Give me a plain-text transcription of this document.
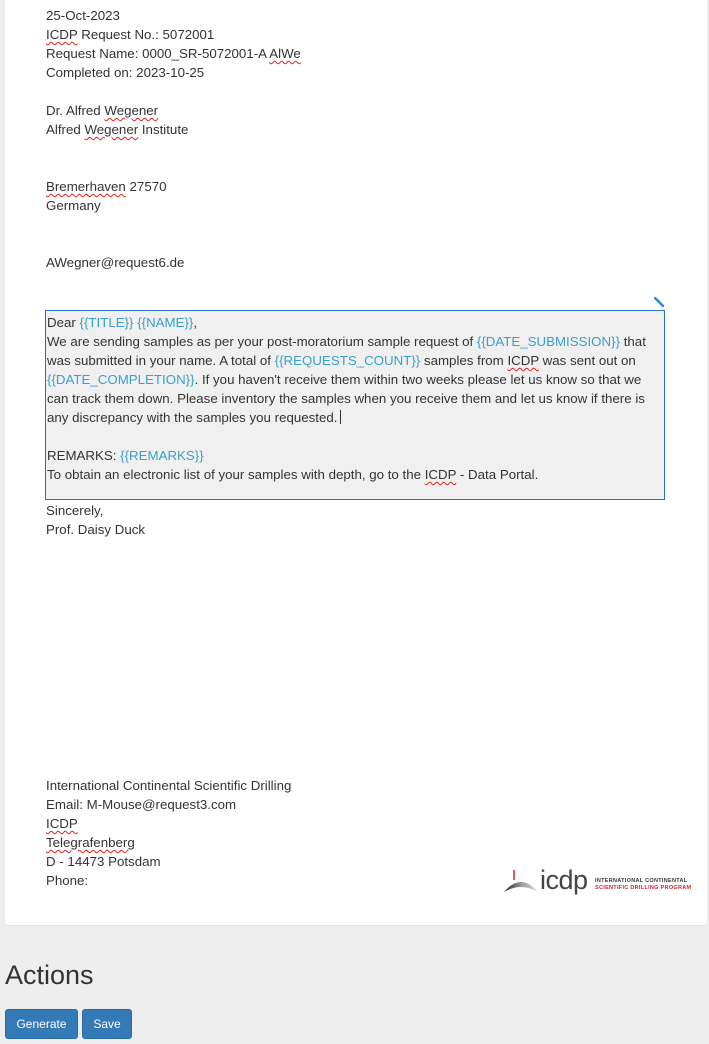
25-Oct-2023
ICDP Request No.: 5072001
Request Name: 0000_SR-5072001-A AlWe
Completed on: 2023-10-25
Dr. Alfred Wegener
Alfred Wegener Institute
Bremerhaven 27570
Germany
AWegner@request6.de

Dear {{TITLE}} {{NAME}},

We are sending samples as per your post-moratorium sample request of {{DATE_SUBMISSION}} that was submitted in your name. A total of {{REQUESTS_COUNT}} samples from ICDP was sent out on {{DATE_COMPLETION}}. If you haven't receive them within two weeks please let us know so that we can track them down. Please inventory the samples when you receive them and let us know if there is any discrepancy with the samples you requested.

REMARKS: {{REMARKS}}

To obtain an electronic list of your samples with depth, go to the ICDP - Data Portal.

Sincerely,
Prof. Daisy Duck
International Continental Scientific Drilling
Email: M-Mouse@request3.com
ICDP
Telegrafenberg
D - 14473 Potsdam
Phone:	icdp INTERNATIONAL CONTINENTAL
SCIENTIFIC DRILLING PROGRAM
Actions
Generate	Save
